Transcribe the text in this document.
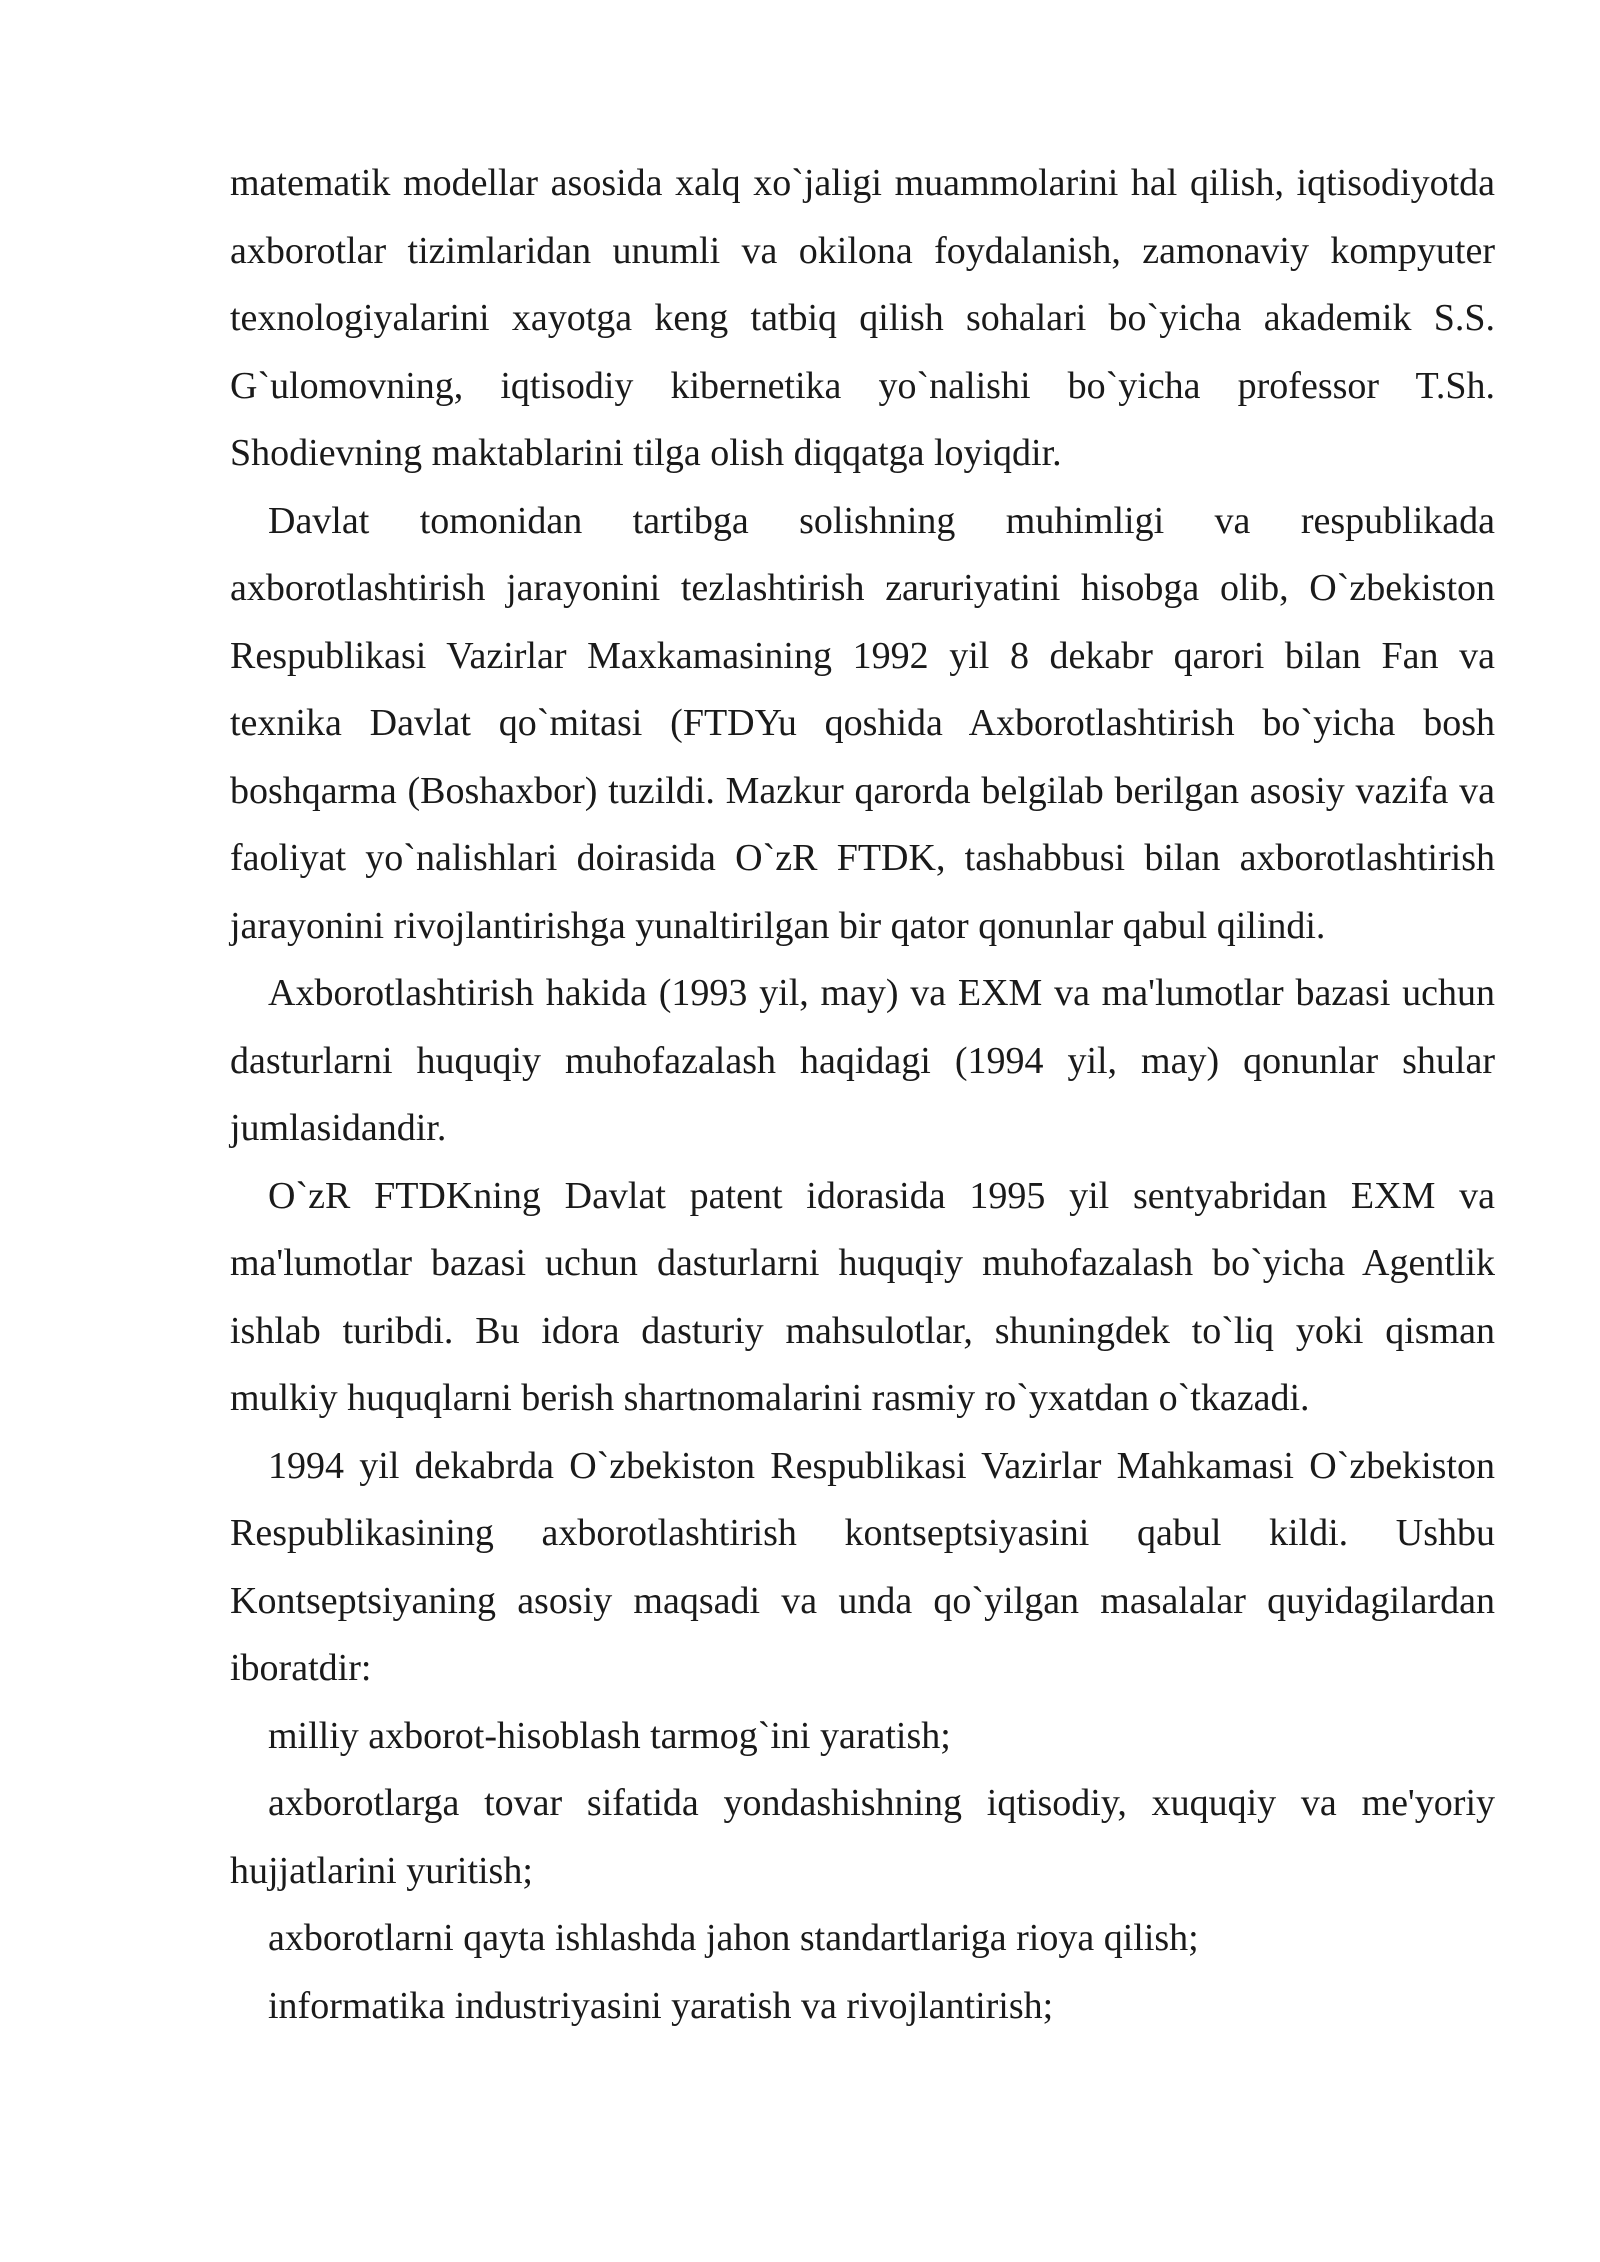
matematik modellar asosida xalq xo`jaligi muammolarini hal qilish, iqtisodiyotda axborotlar tizimlaridan unumli va okilona foydalanish, zamonaviy kompyuter texnologiyalarini xayotga keng tatbiq qilish sohalari bo`yicha akademik S.S. G`ulomovning, iqtisodiy kibernetika yo`nalishi bo`yicha professor T.Sh. Shodievning maktablarini tilga olish diqqatga loyiqdir.

Davlat tomonidan tartibga solishning muhimligi va respublikada axborotlashtirish jarayonini tezlashtirish zaruriyatini hisobga olib, O`zbekiston Respublikasi Vazirlar Maxkamasining 1992 yil 8 dekabr qarori bilan Fan va texnika Davlat qo`mitasi (FTDYu qoshida Axborotlashtirish bo`yicha bosh boshqarma (Boshaxbor) tuzildi. Mazkur qarorda belgilab berilgan asosiy vazifa va faoliyat yo`nalishlari doirasida O`zR FTDK, tashabbusi bilan axborotlashtirish jarayonini rivojlantirishga yunaltirilgan bir qator qonunlar qabul qilindi.

Axborotlashtirish hakida (1993 yil, may) va EXM va ma'lumotlar bazasi uchun dasturlarni huquqiy muhofazalash haqidagi (1994 yil, may) qonunlar shular jumlasidandir.

O`zR FTDKning Davlat patent idorasida 1995 yil sentyabridan EXM va ma'lumotlar bazasi uchun dasturlarni huquqiy muhofazalash bo`yicha Agentlik ishlab turibdi. Bu idora dasturiy mahsulotlar, shuningdek to`liq yoki qisman mulkiy huquqlarni berish shartnomalarini rasmiy ro`yxatdan o`tkazadi.

1994 yil dekabrda O`zbekiston Respublikasi Vazirlar Mahkamasi O`zbekiston Respublikasining axborotlashtirish kontseptsiyasini qabul kildi. Ushbu Kontseptsiyaning asosiy maqsadi va unda qo`yilgan masalalar quyidagilardan iboratdir:

milliy axborot-hisoblash tarmog`ini yaratish;

axborotlarga tovar sifatida yondashishning iqtisodiy, xuquqiy va me'yoriy hujjatlarini yuritish;

axborotlarni qayta ishlashda jahon standartlariga rioya qilish;

informatika industriyasini yaratish va rivojlantirish;
